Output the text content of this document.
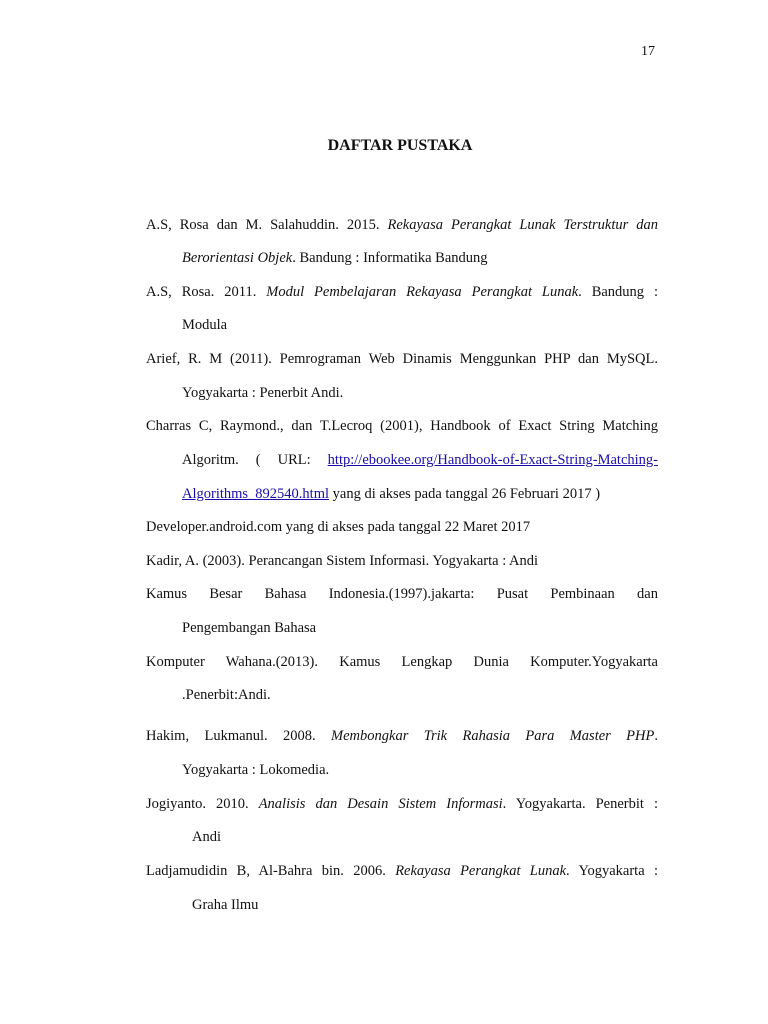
17
DAFTAR PUSTAKA
A.S, Rosa dan M. Salahuddin. 2015. Rekayasa Perangkat Lunak Terstruktur dan
Berorientasi Objek. Bandung : Informatika Bandung
A.S, Rosa. 2011. Modul Pembelajaran Rekayasa Perangkat Lunak. Bandung :
Modula
Arief, R. M (2011). Pemrograman Web Dinamis Menggunkan PHP dan MySQL.
Yogyakarta : Penerbit Andi.
Charras C, Raymond., dan T.Lecroq (2001), Handbook of Exact String Matching
Algoritm. ( URL: http://ebookee.org/Handbook-of-Exact-String-Matching-
Algorithms_892540.html yang di akses pada tanggal 26 Februari 2017 )
Developer.android.com yang di akses pada tanggal 22 Maret 2017
Kadir, A. (2003). Perancangan Sistem Informasi. Yogyakarta : Andi
Kamus Besar Bahasa Indonesia.(1997).jakarta: Pusat Pembinaan dan
Pengembangan Bahasa
Komputer Wahana.(2013). Kamus Lengkap Dunia Komputer.Yogyakarta
.Penerbit:Andi.
Hakim, Lukmanul. 2008. Membongkar Trik Rahasia Para Master PHP.
Yogyakarta : Lokomedia.
Jogiyanto. 2010. Analisis dan Desain Sistem Informasi. Yogyakarta. Penerbit :
Andi
Ladjamudidin B, Al-Bahra bin. 2006. Rekayasa Perangkat Lunak. Yogyakarta :
Graha Ilmu
